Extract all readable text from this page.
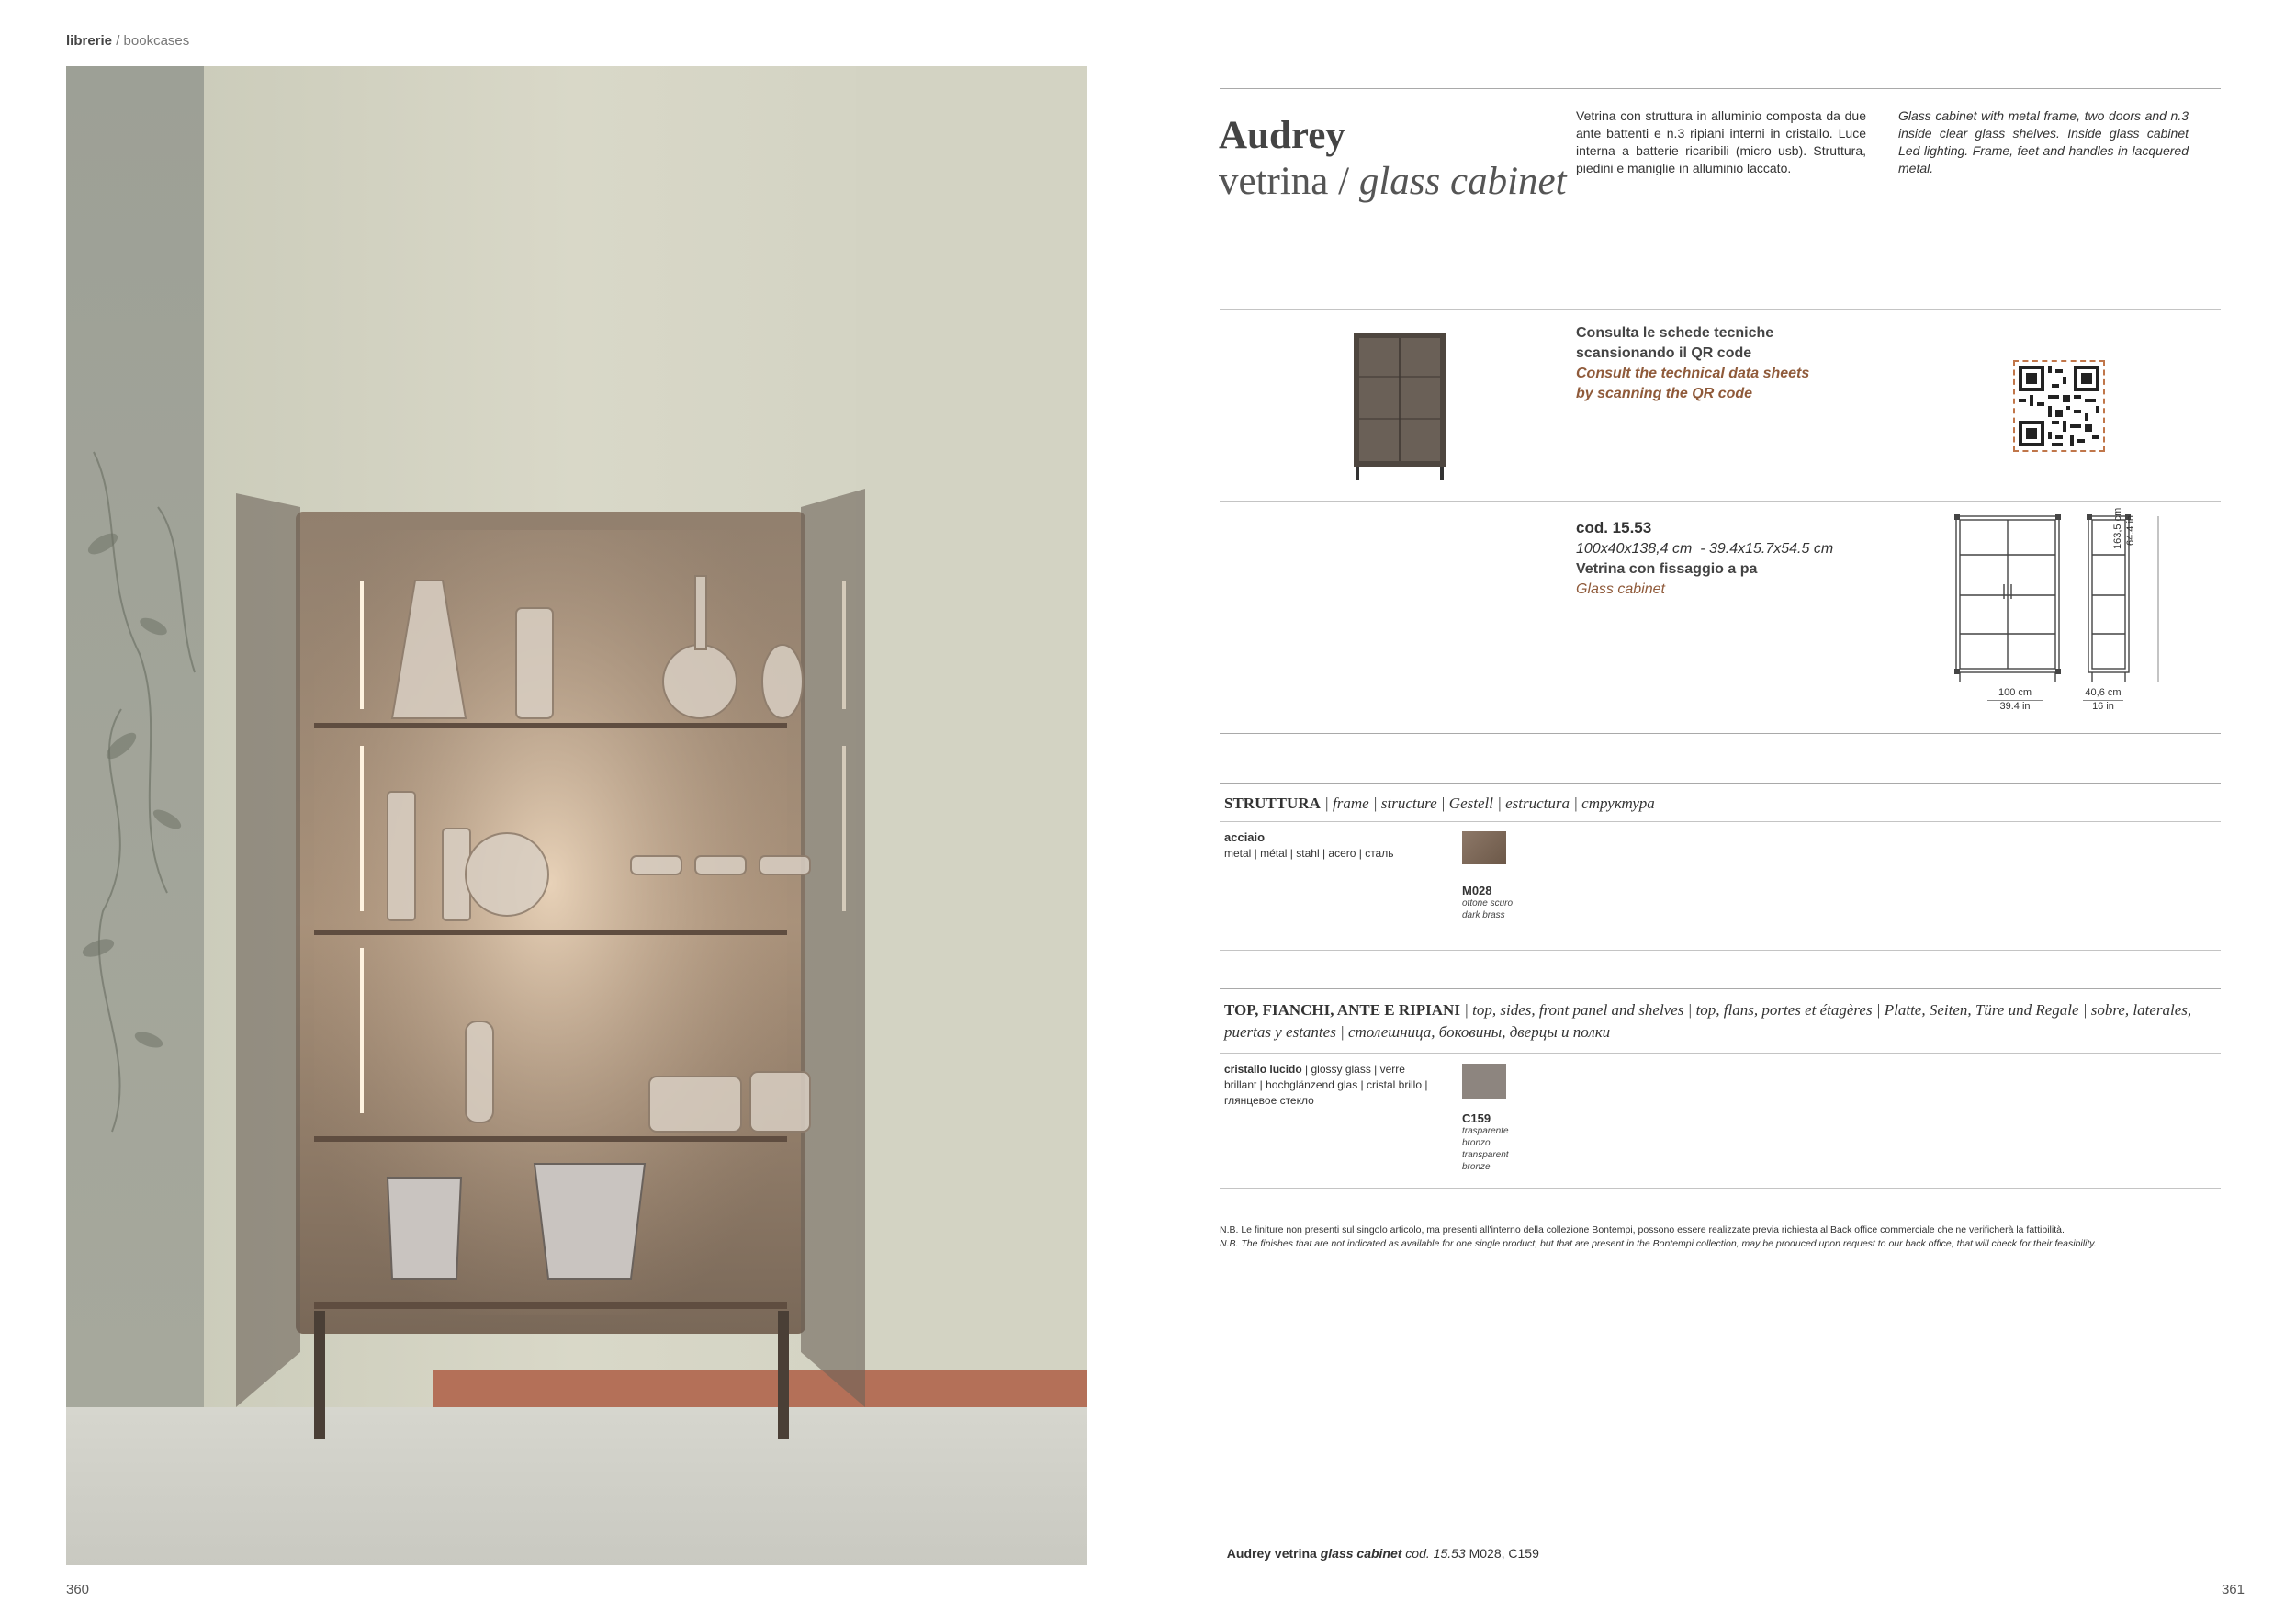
librerie / bookcases
Audrey
vetrina / glass cabinet
Vetrina con struttura in alluminio composta da due ante battenti e n.3 ripiani interni in cristallo. Luce interna a batterie ricaribili (micro usb). Struttura, piedini e maniglie in alluminio laccato.
Glass cabinet with metal frame, two doors and n.3 inside clear glass shelves. Inside glass cabinet Led lighting. Frame, feet and handles in lacquered metal.
Consulta le schede tecniche
scansionando il QR code
Consult the technical data sheets
by scanning the QR code
cod. 15.53
100x40x138,4 cm  - 39.4x15.7x54.5 cm
Vetrina con fissaggio a pa
Glass cabinet
163,5 cm 64.4 in
100 cm
39.4 in
40,6 cm
16 in
STRUTTURA | frame | structure | Gestell | estructura | структура
acciaio
metal | métal | stahl | acero | сталь
M028
ottone scuro
dark brass
TOP, FIANCHI, ANTE E RIPIANI | top, sides, front panel and shelves | top, flans, portes et étagères | Platte, Seiten, Türe und Regale | sobre, laterales, puertas y estantes | столешница, боковины, дверцы и полки
cristallo lucido | glossy glass | verre brillant | hochglänzend glas | cristal brillo | глянцевое стекло
C159
trasparente
bronzo
transparent
bronze
N.B. Le finiture non presenti sul singolo articolo, ma presenti all'interno della collezione Bontempi, possono essere realizzate previa richiesta al Back office commerciale che ne verificherà la fattibilità.
N.B. The finishes that are not indicated as available for one single product, but that are present in the Bontempi collection, may be produced upon request to our back office, that will check for their feasibility.

Audrey vetrina glass cabinet cod. 15.53 M028, C159

360	361
